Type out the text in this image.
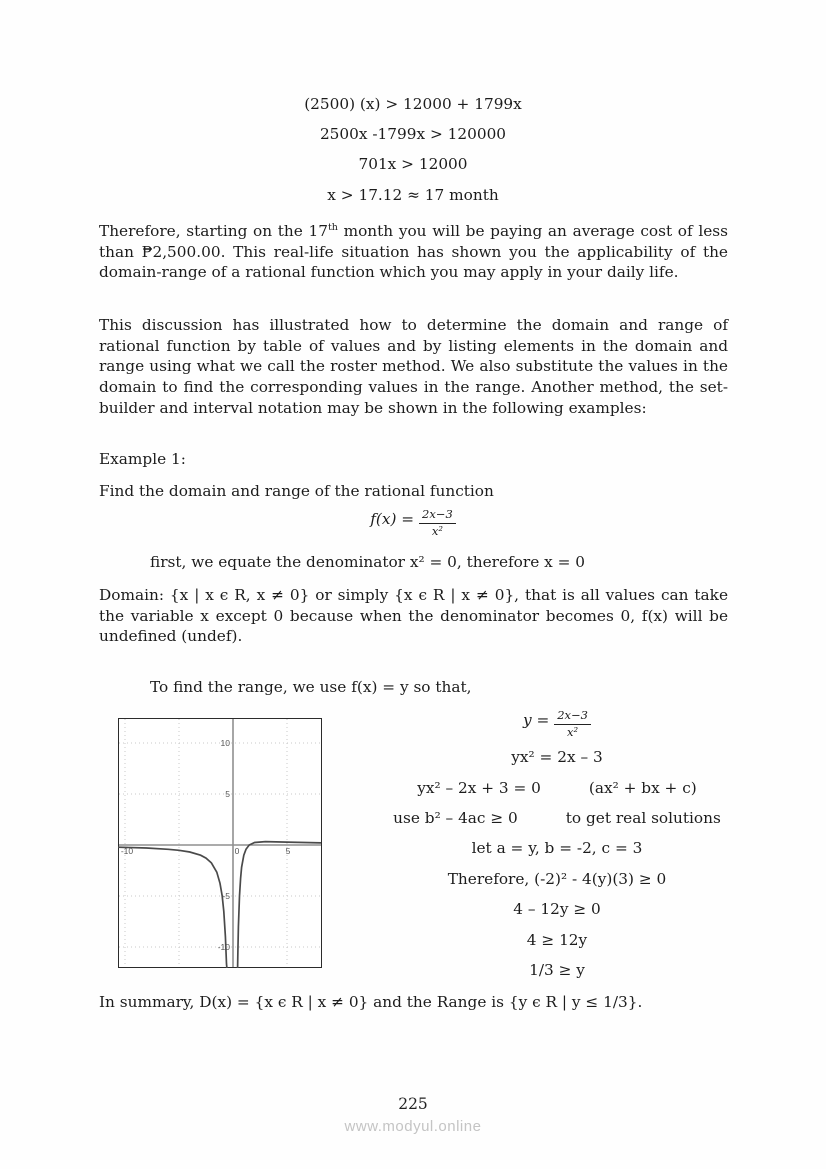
(2500) (x) > 12000 + 1799x
2500x -1799x > 120000
701x > 12000
x > 17.12 ≈ 17 month
Therefore, starting on the 17th month you will be paying an average cost of less than ₱2,500.00. This real-life situation has shown you the applicability of the domain-range of a rational function which you may apply in your daily life.
This discussion has illustrated how to determine the domain and range of rational function by table of values and by listing elements in the domain and range using what we call the roster method. We also substitute the values in the domain to find the corresponding values in the range. Another method, the set-builder and interval notation may be shown in the following examples:
Example 1:
Find the domain and range of the rational function
$f(x) = \frac{2x-3}{\text{x²}}$
first, we equate the denominator x² = 0, therefore x = 0
Domain: {x | x ϵ R, x ≠ 0} or simply {x ϵ R | x ≠ 0}, that is all values can take the variable x except 0 because when the denominator becomes 0, f(x) will be undefined (undef).
To find the range, we use f(x) = y so that,
10
5
-5
-10
-10	0	5
$y = \frac{2x-3}{\text{x²}}$
yx² = 2x – 3
yx² – 2x + 3 = 0	(ax² + bx + c)
use b² – 4ac ≥ 0	to get real solutions
let a = y, b = -2, c = 3
Therefore, (-2)² - 4(y)(3) ≥ 0
4 – 12y ≥ 0
4 ≥ 12y
1/3 ≥ y
In summary, D(x) = {x ϵ R | x ≠ 0} and the Range is {y ϵ R | y ≤ 1/3}.
225
www.modyul.online
